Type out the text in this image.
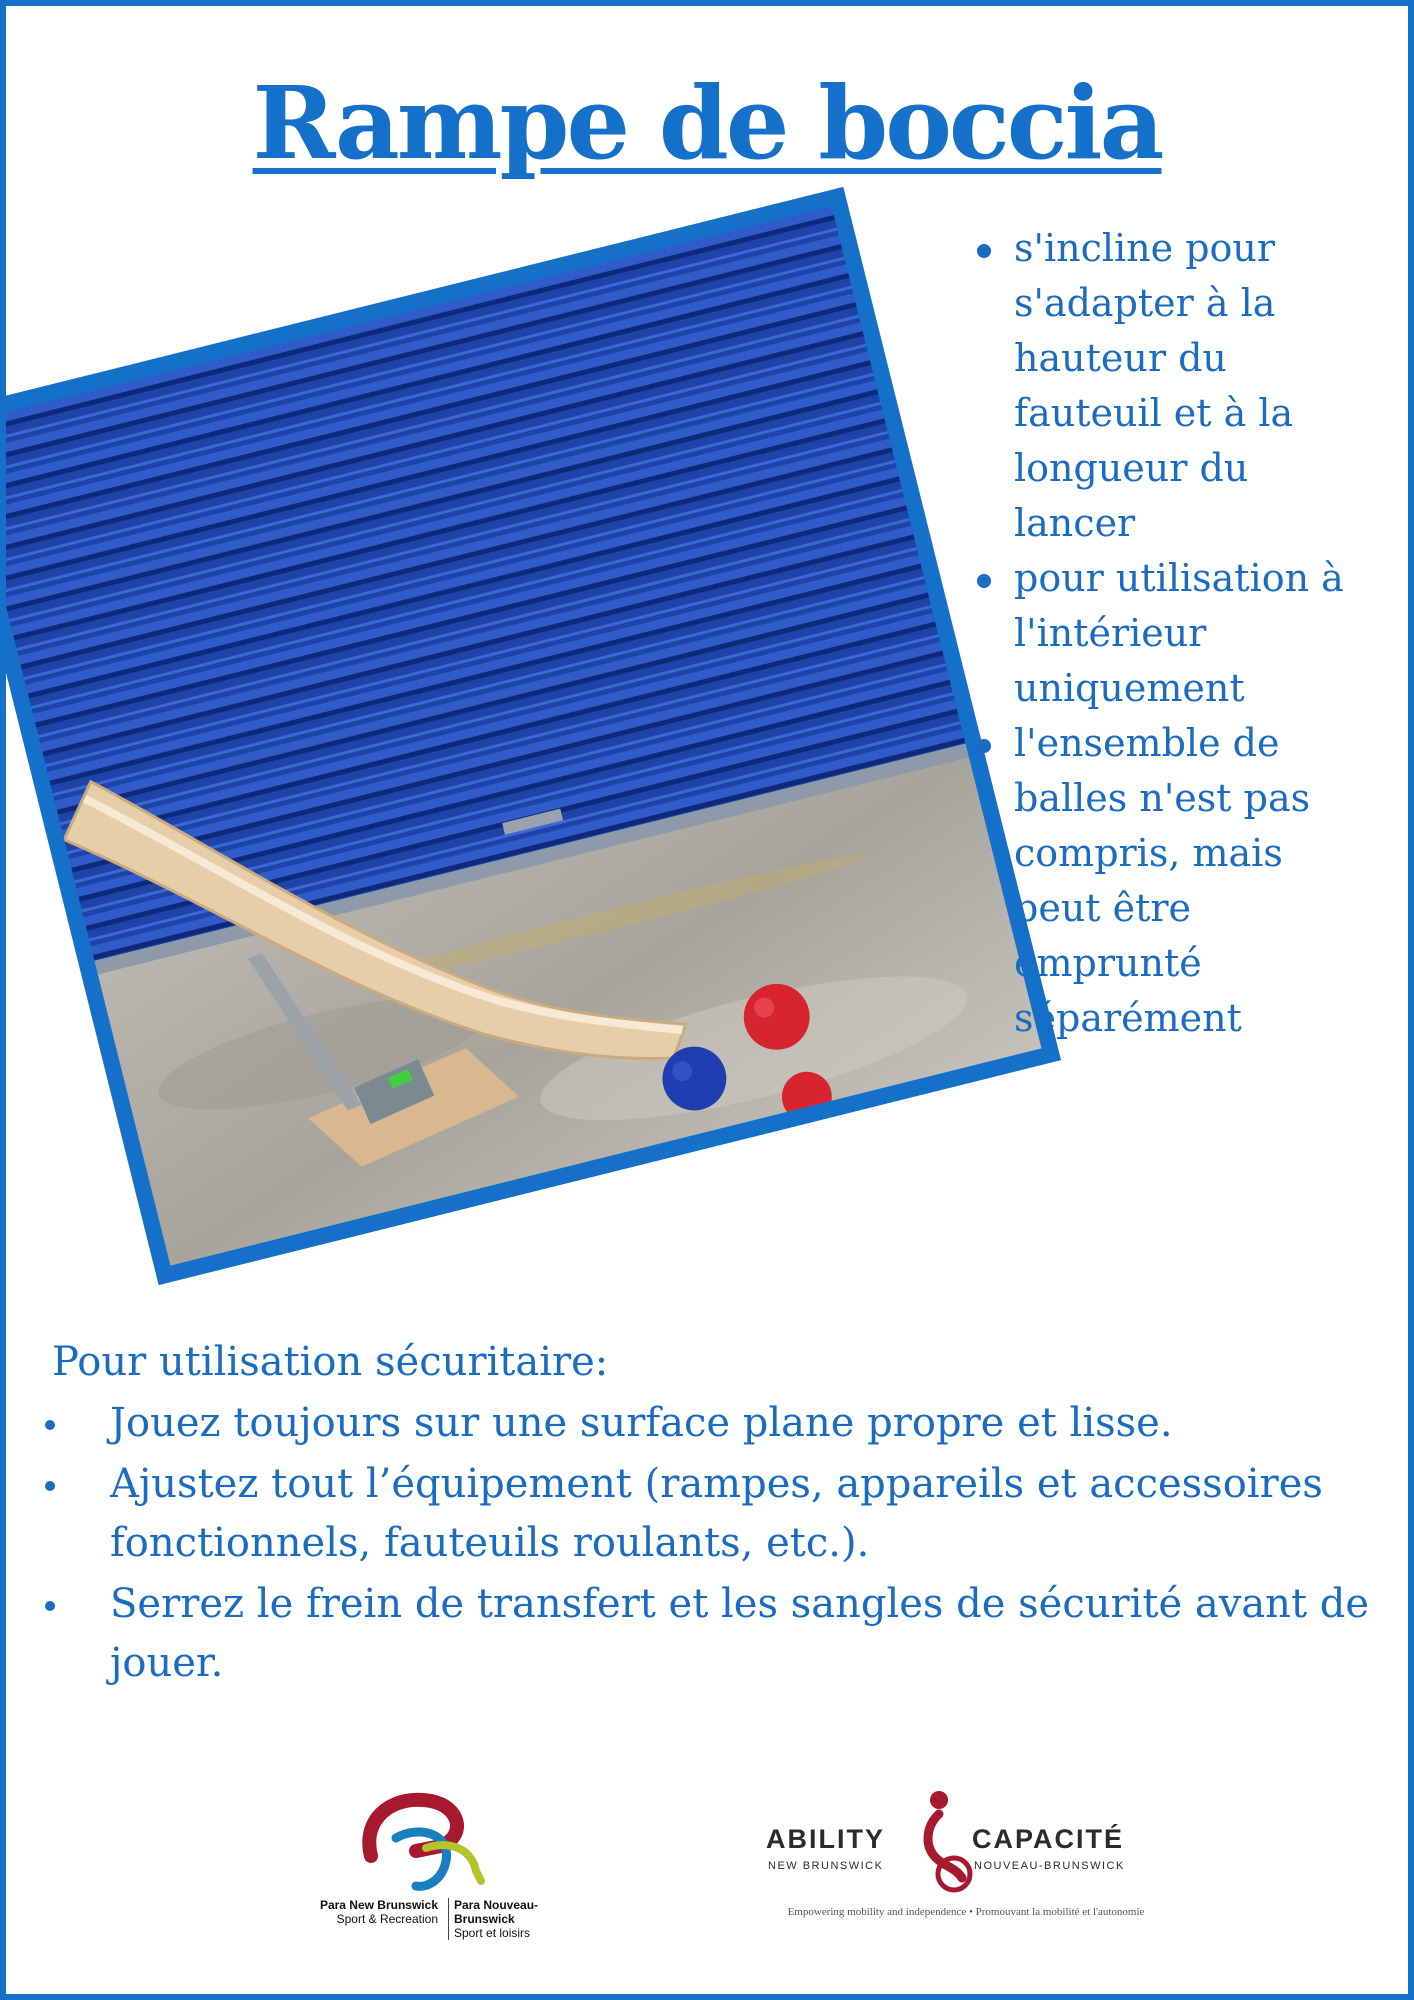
Rampe de boccia
s'incline pour s'adapter à la hauteur du fauteuil et à la longueur du lancer
pour utilisation à l'intérieur uniquement
l'ensemble de balles n'est pas compris, mais peut être emprunté séparément
Pour utilisation sécuritaire:
Jouez toujours sur une surface plane propre et lisse.
Ajustez tout l’équipement (rampes, appareils et accessoires fonctionnels, fauteuils roulants, etc.).
Serrez le frein de transfert et les sangles de sécurité avant de jouer.
Para New Brunswick
Sport & Recreation
Para Nouveau-Brunswick
Sport et loisirs
ABILITY	CAPACITÉ
NEW BRUNSWICK	NOUVEAU-BRUNSWICK
Empowering mobility and independence • Promouvant la mobilité et l'autonomie
